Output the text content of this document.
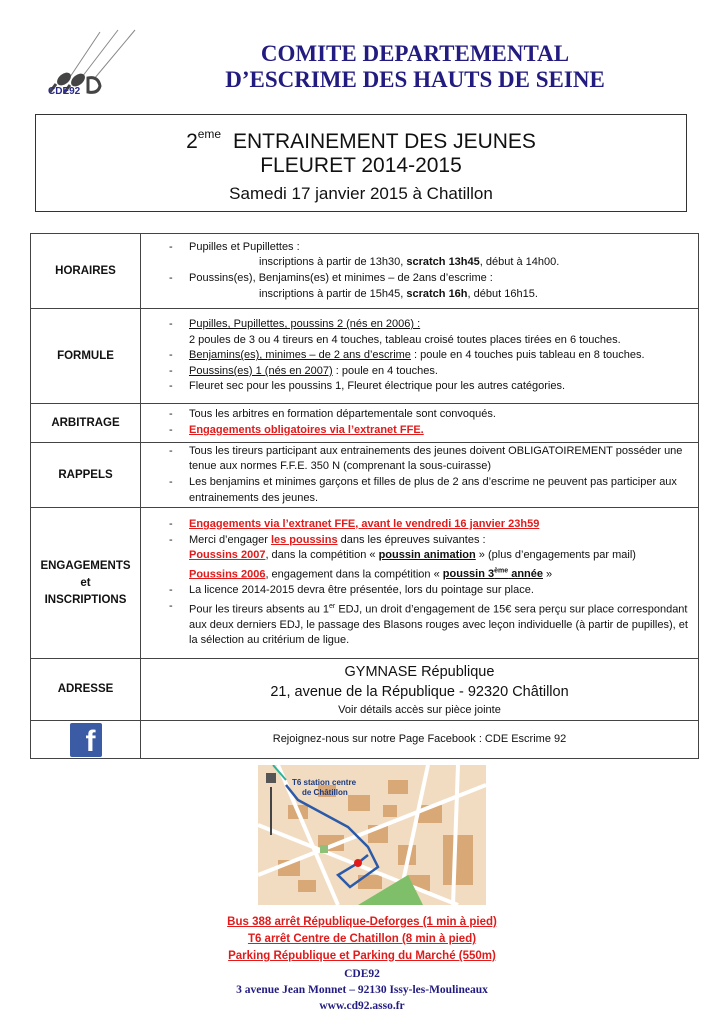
CDE92
COMITE DEPARTEMENTAL
D’ESCRIME DES HAUTS DE SEINE
2eme ENTRAINEMENT DES JEUNES
FLEURET 2014-2015
Samedi 17 janvier 2015 à Chatillon
HORAIRES	- Pupilles et Pupillettes :
inscriptions à partir de 13h30, scratch 13h45, début à 14h00.
- Poussins(es), Benjamins(es) et minimes – de 2ans d’escrime :
inscriptions à partir de 15h45, scratch 16h, début 16h15.

FORMULE	- Pupilles, Pupillettes, poussins 2 (nés en 2006) :
2 poules de 3 ou 4 tireurs en 4 touches, tableau croisé toutes places tirées en 6 touches.
- Benjamins(es), minimes – de 2 ans d’escrime : poule en 4 touches puis tableau en 8 touches.
- Poussins(es) 1 (nés en 2007) : poule en 4 touches.
- Fleuret sec pour les poussins 1, Fleuret électrique pour les autres catégories.

ARBITRAGE	- Tous les arbitres en formation départementale sont convoqués.
- Engagements obligatoires via l’extranet FFE.

RAPPELS	- Tous les tireurs participant aux entrainements des jeunes doivent OBLIGATOIREMENT posséder une tenue aux normes F.F.E. 350 N (comprenant la sous-cuirasse)
- Les benjamins et minimes garçons et filles de plus de 2 ans d’escrime ne peuvent pas participer aux entrainements des jeunes.

ENGAGEMENTS
et
INSCRIPTIONS

- Engagements via l’extranet FFE, avant le vendredi 16 janvier 23h59
- Merci d’engager les poussins dans les épreuves suivantes :
Poussins 2007, dans la compétition « poussin animation » (plus d’engagements par mail)
Poussins 2006, engagement dans la compétition « poussin 3ème année »
- La licence 2014-2015 devra être présentée, lors du pointage sur place.
- Pour les tireurs absents au 1er EDJ, un droit d’engagement de 15€ sera perçu sur place correspondant aux deux derniers EDJ, le passage des Blasons rouges avec leçon individuelle (à partir de pupilles), et la sélection au critérium de ligue.

ADRESSE	GYMNASE République
21, avenue de la République - 92320 Châtillon
Voir détails accès sur pièce jointe

f	Rejoignez-nous sur notre Page Facebook : CDE Escrime 92
T6 station centre
de Châtillon
Bus 388 arrêt République-Deforges (1 min à pied)
T6 arrêt Centre de Chatillon (8 min à pied)
Parking République et Parking du Marché (550m)
CDE92
3 avenue Jean Monnet – 92130 Issy-les-Moulineaux
www.cd92.asso.fr
